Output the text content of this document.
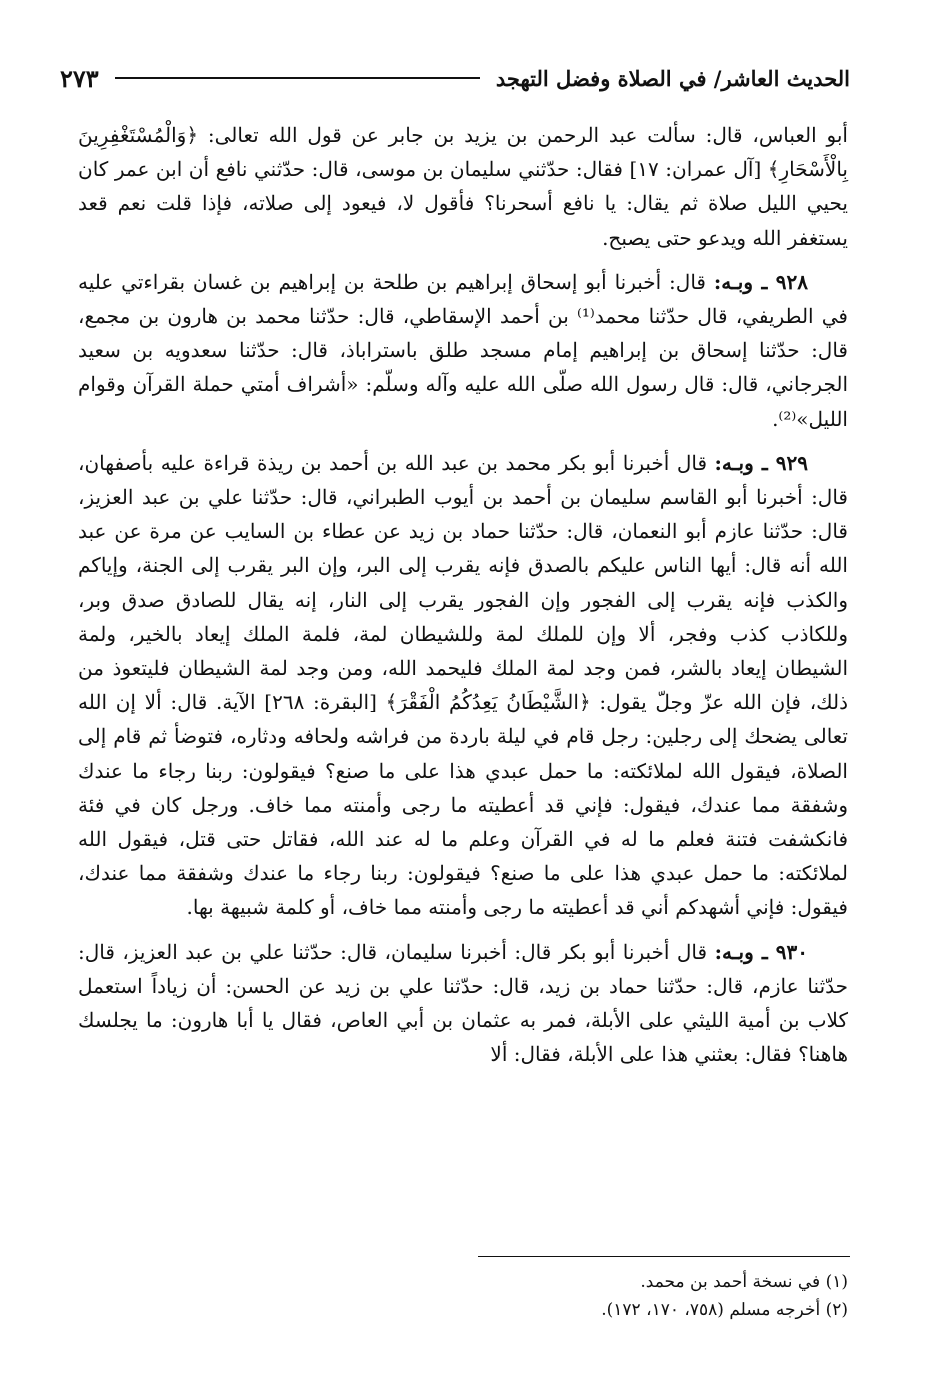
الحديث العاشر/ في الصلاة وفضل التهجد
٢٧٣

أبو العباس، قال: سألت عبد الرحمن بن يزيد بن جابر عن قول الله تعالى: ﴿وَالْمُسْتَغْفِرِينَ بِالْأَسْحَارِ﴾ [آل عمران: ١٧] فقال: حدّثني سليمان بن موسى، قال: حدّثني نافع أن ابن عمر كان يحيي الليل صلاة ثم يقال: يا نافع أسحرنا؟ فأقول لا، فيعود إلى صلاته، فإذا قلت نعم قعد يستغفر الله ويدعو حتى يصبح.

٩٢٨ ـ وبـه: قال: أخبرنا أبو إسحاق إبراهيم بن طلحة بن إبراهيم بن غسان بقراءتي عليه في الطريفي، قال حدّثنا محمد⁽¹⁾ بن أحمد الإسقاطي، قال: حدّثنا محمد بن هارون بن مجمع، قال: حدّثنا إسحاق بن إبراهيم إمام مسجد طلق باستراباذ، قال: حدّثنا سعدويه بن سعيد الجرجاني، قال: قال رسول الله صلّى الله عليه وآله وسلّم: «أشراف أمتي حملة القرآن وقوام الليل»⁽²⁾.

٩٢٩ ـ وبـه: قال أخبرنا أبو بكر محمد بن عبد الله بن أحمد بن ريذة قراءة عليه بأصفهان، قال: أخبرنا أبو القاسم سليمان بن أحمد بن أيوب الطبراني، قال: حدّثنا علي بن عبد العزيز، قال: حدّثنا عازم أبو النعمان، قال: حدّثنا حماد بن زيد عن عطاء بن السايب عن مرة عن عبد الله أنه قال: أيها الناس عليكم بالصدق فإنه يقرب إلى البر، وإن البر يقرب إلى الجنة، وإياكم والكذب فإنه يقرب إلى الفجور وإن الفجور يقرب إلى النار، إنه يقال للصادق صدق وبر، وللكاذب كذب وفجر، ألا وإن للملك لمة وللشيطان لمة، فلمة الملك إيعاد بالخير، ولمة الشيطان إيعاد بالشر، فمن وجد لمة الملك فليحمد الله، ومن وجد لمة الشيطان فليتعوذ من ذلك، فإن الله عزّ وجلّ يقول: ﴿الشَّيْطَانُ يَعِدُكُمُ الْفَقْرَ﴾ [البقرة: ٢٦٨] الآية. قال: ألا إن الله تعالى يضحك إلى رجلين: رجل قام في ليلة باردة من فراشه ولحافه ودثاره، فتوضأ ثم قام إلى الصلاة، فيقول الله لملائكته: ما حمل عبدي هذا على ما صنع؟ فيقولون: ربنا رجاء ما عندك وشفقة مما عندك، فيقول: فإني قد أعطيته ما رجى وأمنته مما خاف. ورجل كان في فئة فانكشفت فتنة فعلم ما له في القرآن وعلم ما له عند الله، فقاتل حتى قتل، فيقول الله لملائكته: ما حمل عبدي هذا على ما صنع؟ فيقولون: ربنا رجاء ما عندك وشفقة مما عندك، فيقول: فإني أشهدكم أني قد أعطيته ما رجى وأمنته مما خاف، أو كلمة شبيهة بها.

٩٣٠ ـ وبـه: قال أخبرنا أبو بكر قال: أخبرنا سليمان، قال: حدّثنا علي بن عبد العزيز، قال: حدّثنا عازم، قال: حدّثنا حماد بن زيد، قال: حدّثنا علي بن زيد عن الحسن: أن زياداً استعمل كلاب بن أمية الليثي على الأبلة، فمر به عثمان بن أبي العاص، فقال يا أبا هارون: ما يجلسك هاهنا؟ فقال: بعثني هذا على الأبلة، فقال: ألا

(١) في نسخة أحمد بن محمد.
(٢) أخرجه مسلم (٧٥٨، ١٧٠، ١٧٢).
